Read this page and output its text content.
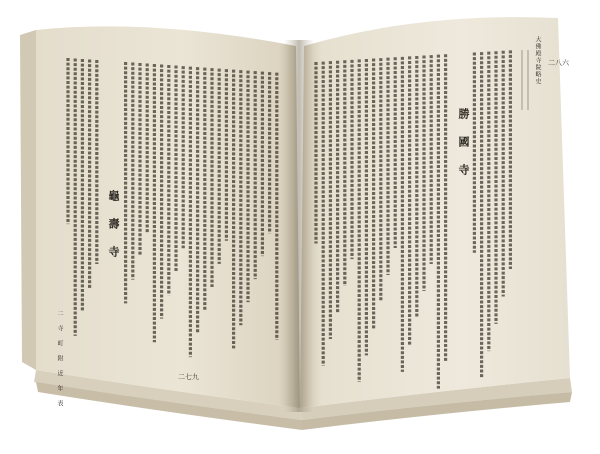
龜 壽 寺
勝 國 寺
大佛殿寺院略史
二 寺 町 附 近 年 表	二七九
二八六
